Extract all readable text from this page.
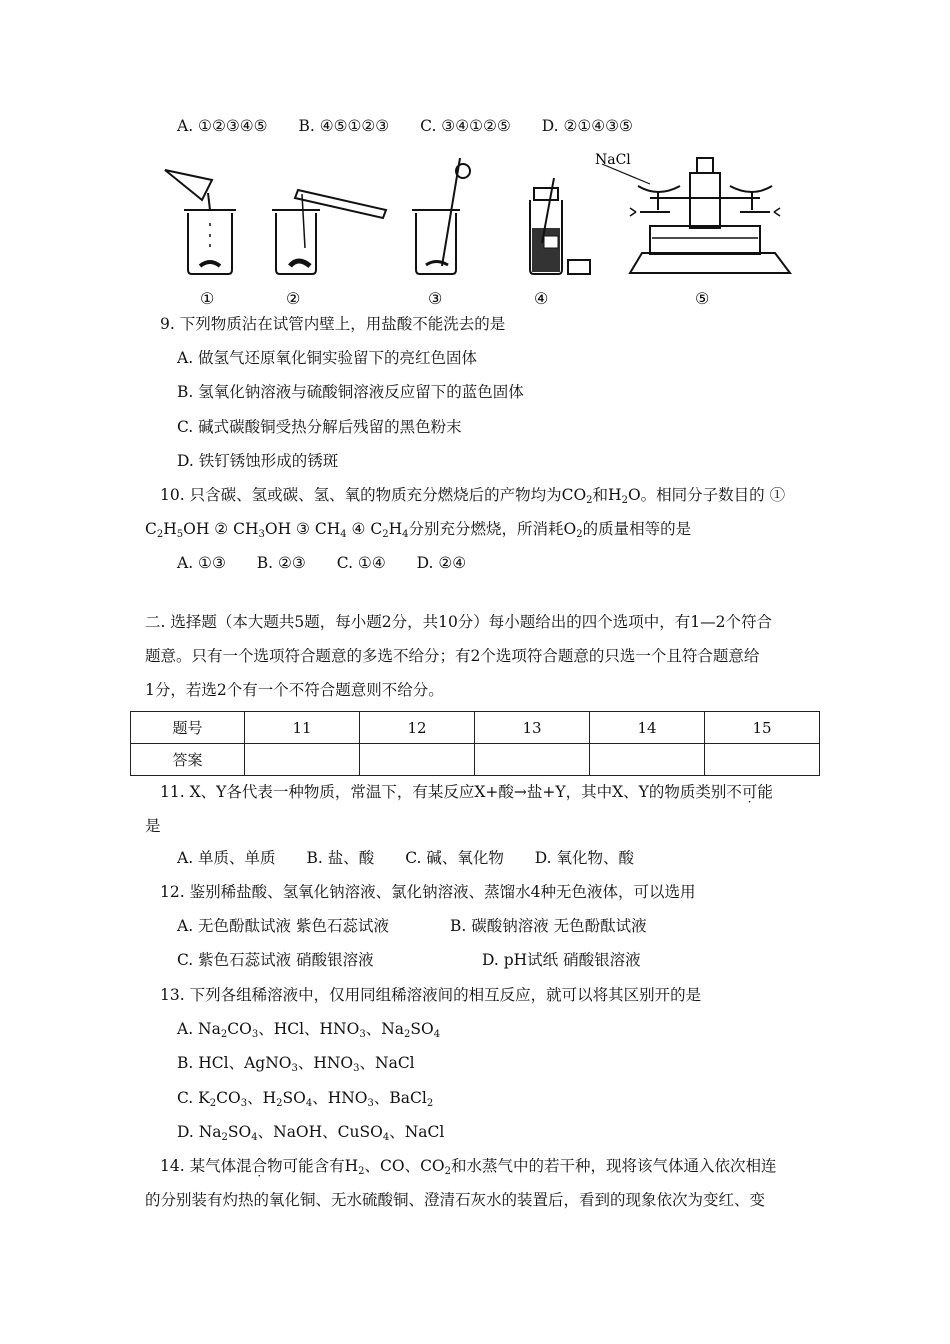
A. ①②③④⑤ B. ④⑤①②③ C. ③④①②⑤ D. ②①④③⑤
NaCl
①	②	③	④	⑤
9. 下列物质沾在试管内壁上，用盐酸不能洗去的是
A. 做氢气还原氧化铜实验留下的亮红色固体
B. 氢氧化钠溶液与硫酸铜溶液反应留下的蓝色固体
C. 碱式碳酸铜受热分解后残留的黑色粉末
D. 铁钉锈蚀形成的锈斑
10. 只含碳、氢或碳、氢、氧的物质充分燃烧后的产物均为$CO_2$和$H_2O$。相同分子数目的 ①
$C_2H_5OH$ ② $CH_3OH$ ③ $CH_4$ ④ $C_2H_4$分别充分燃烧，所消耗$O_2$的质量相等的是
A. ①③ B. ②③ C. ①④ D. ②④
二. 选择题（本大题共5题，每小题2分，共10分）每小题给出的四个选项中，有1—2个符合
题意。只有一个选项符合题意的多选不给分；有2个选项符合题意的只选一个且符合题意给
1分，若选2个有一个不符合题意则不给分。
题号	11	12	13	14	15
答案					
11. X、Y各代表一种物质，常温下，有某反应X+酸→盐+Y，其中X、Y的物质类别不可能
是
A. 单质、单质 B. 盐、酸 C. 碱、氧化物 D. 氧化物、酸
12. 鉴别稀盐酸、氢氧化钠溶液、氯化钠溶液、蒸馏水4种无色液体，可以选用
A. 无色酚酞试液 紫色石蕊试液	B. 碳酸钠溶液 无色酚酞试液
C. 紫色石蕊试液 硝酸银溶液	D. pH试纸 硝酸银溶液
13. 下列各组稀溶液中，仅用同组稀溶液间的相互反应，就可以将其区别开的是
A. $Na_2CO_3$、HCl、$HNO_3$、$Na_2SO_4$
B. HCl、AgNO$_3$、$HNO_3$、NaCl
C. $K_2CO_3$、$H_2SO_4$、$HNO_3$、BaCl$_2$
D. $Na_2SO_4$、NaOH、CuSO$_4$、NaCl
14. 某气体混合物可能含有$H_2$、CO、$CO_2$和水蒸气中的若干种，现将该气体通入依次相连
的分别装有灼热的氧化铜、无水硫酸铜、澄清石灰水的装置后，看到的现象依次为变红、变
